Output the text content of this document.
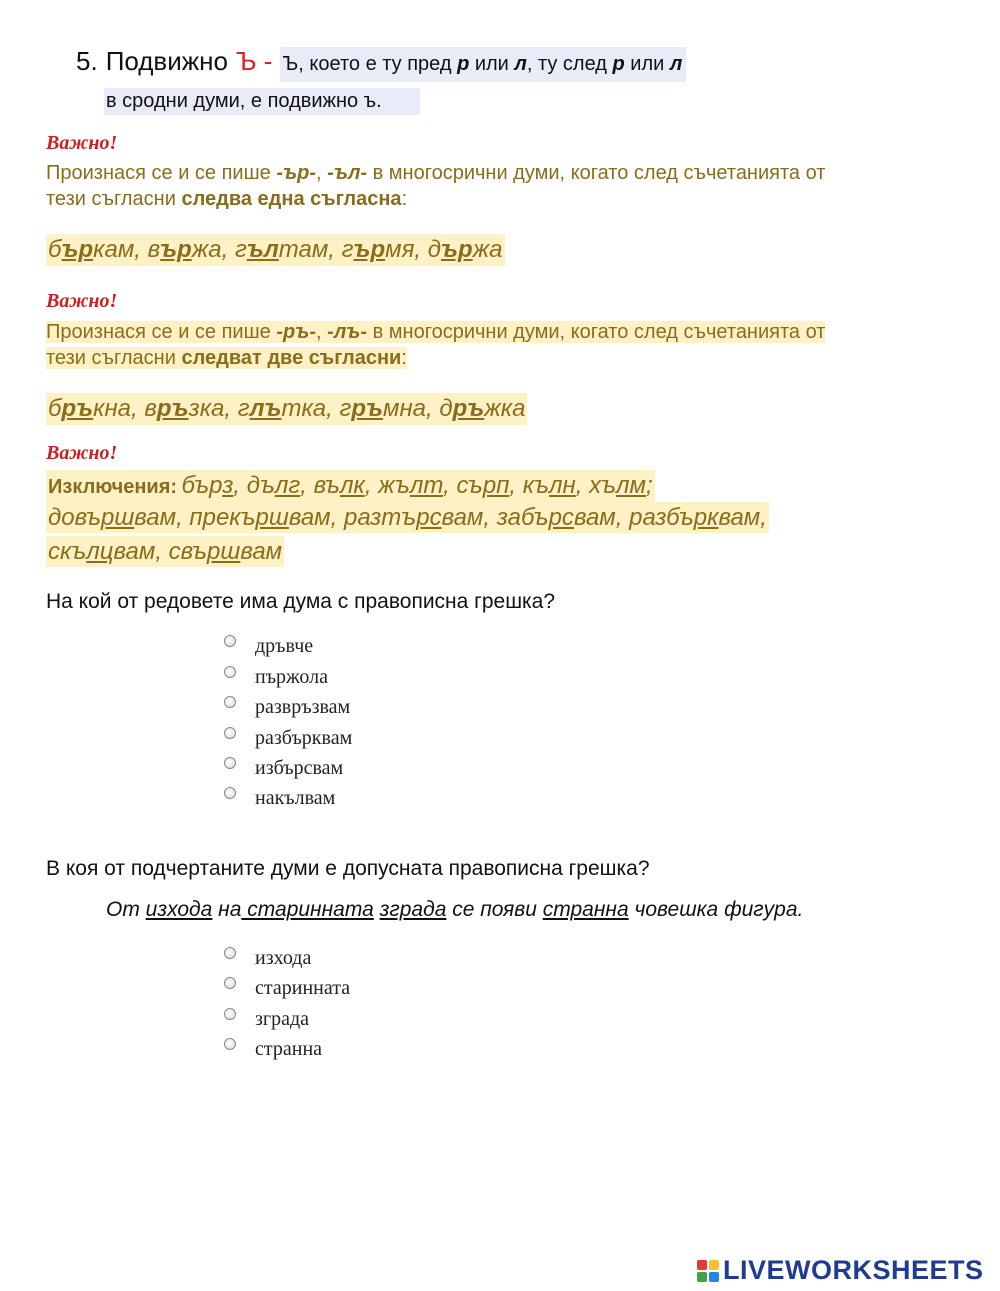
5. Подвижно Ъ - Ъ, което е ту пред р или л, ту след р или л
в сродни думи, е подвижно ъ.
Важно!
Произнася се и се пише -ър-, -ъл- в многосрични думи, когато след съчетанията от
тези съгласни следва една съгласна:
бъркам, вържа, гълтам, гърмя, държа
Важно!
Произнася се и се пише -ръ-, -лъ- в многосрични думи, когато след съчетанията от
тези съгласни следват две съгласни:
бръкна, връзка, глътка, гръмна, дръжка
Важно!
Изключения: бърз, дълг, вълк, жълт, сърп, кълн, хълм;
довършвам, прекършвам, разтърсвам, забърсвам, разбърквам,
скълцвам, свършвам
На кой от редовете има дума с правописна грешка?
дръвче
пържола
развръзвам
разбърквам
избърсвам
накълвам
В коя от подчертаните думи е допусната правописна грешка?
От изхода на старинната зграда се появи странна човешка фигура.
изхода
старинната
зграда
странна
LIVEWORKSHEETS
